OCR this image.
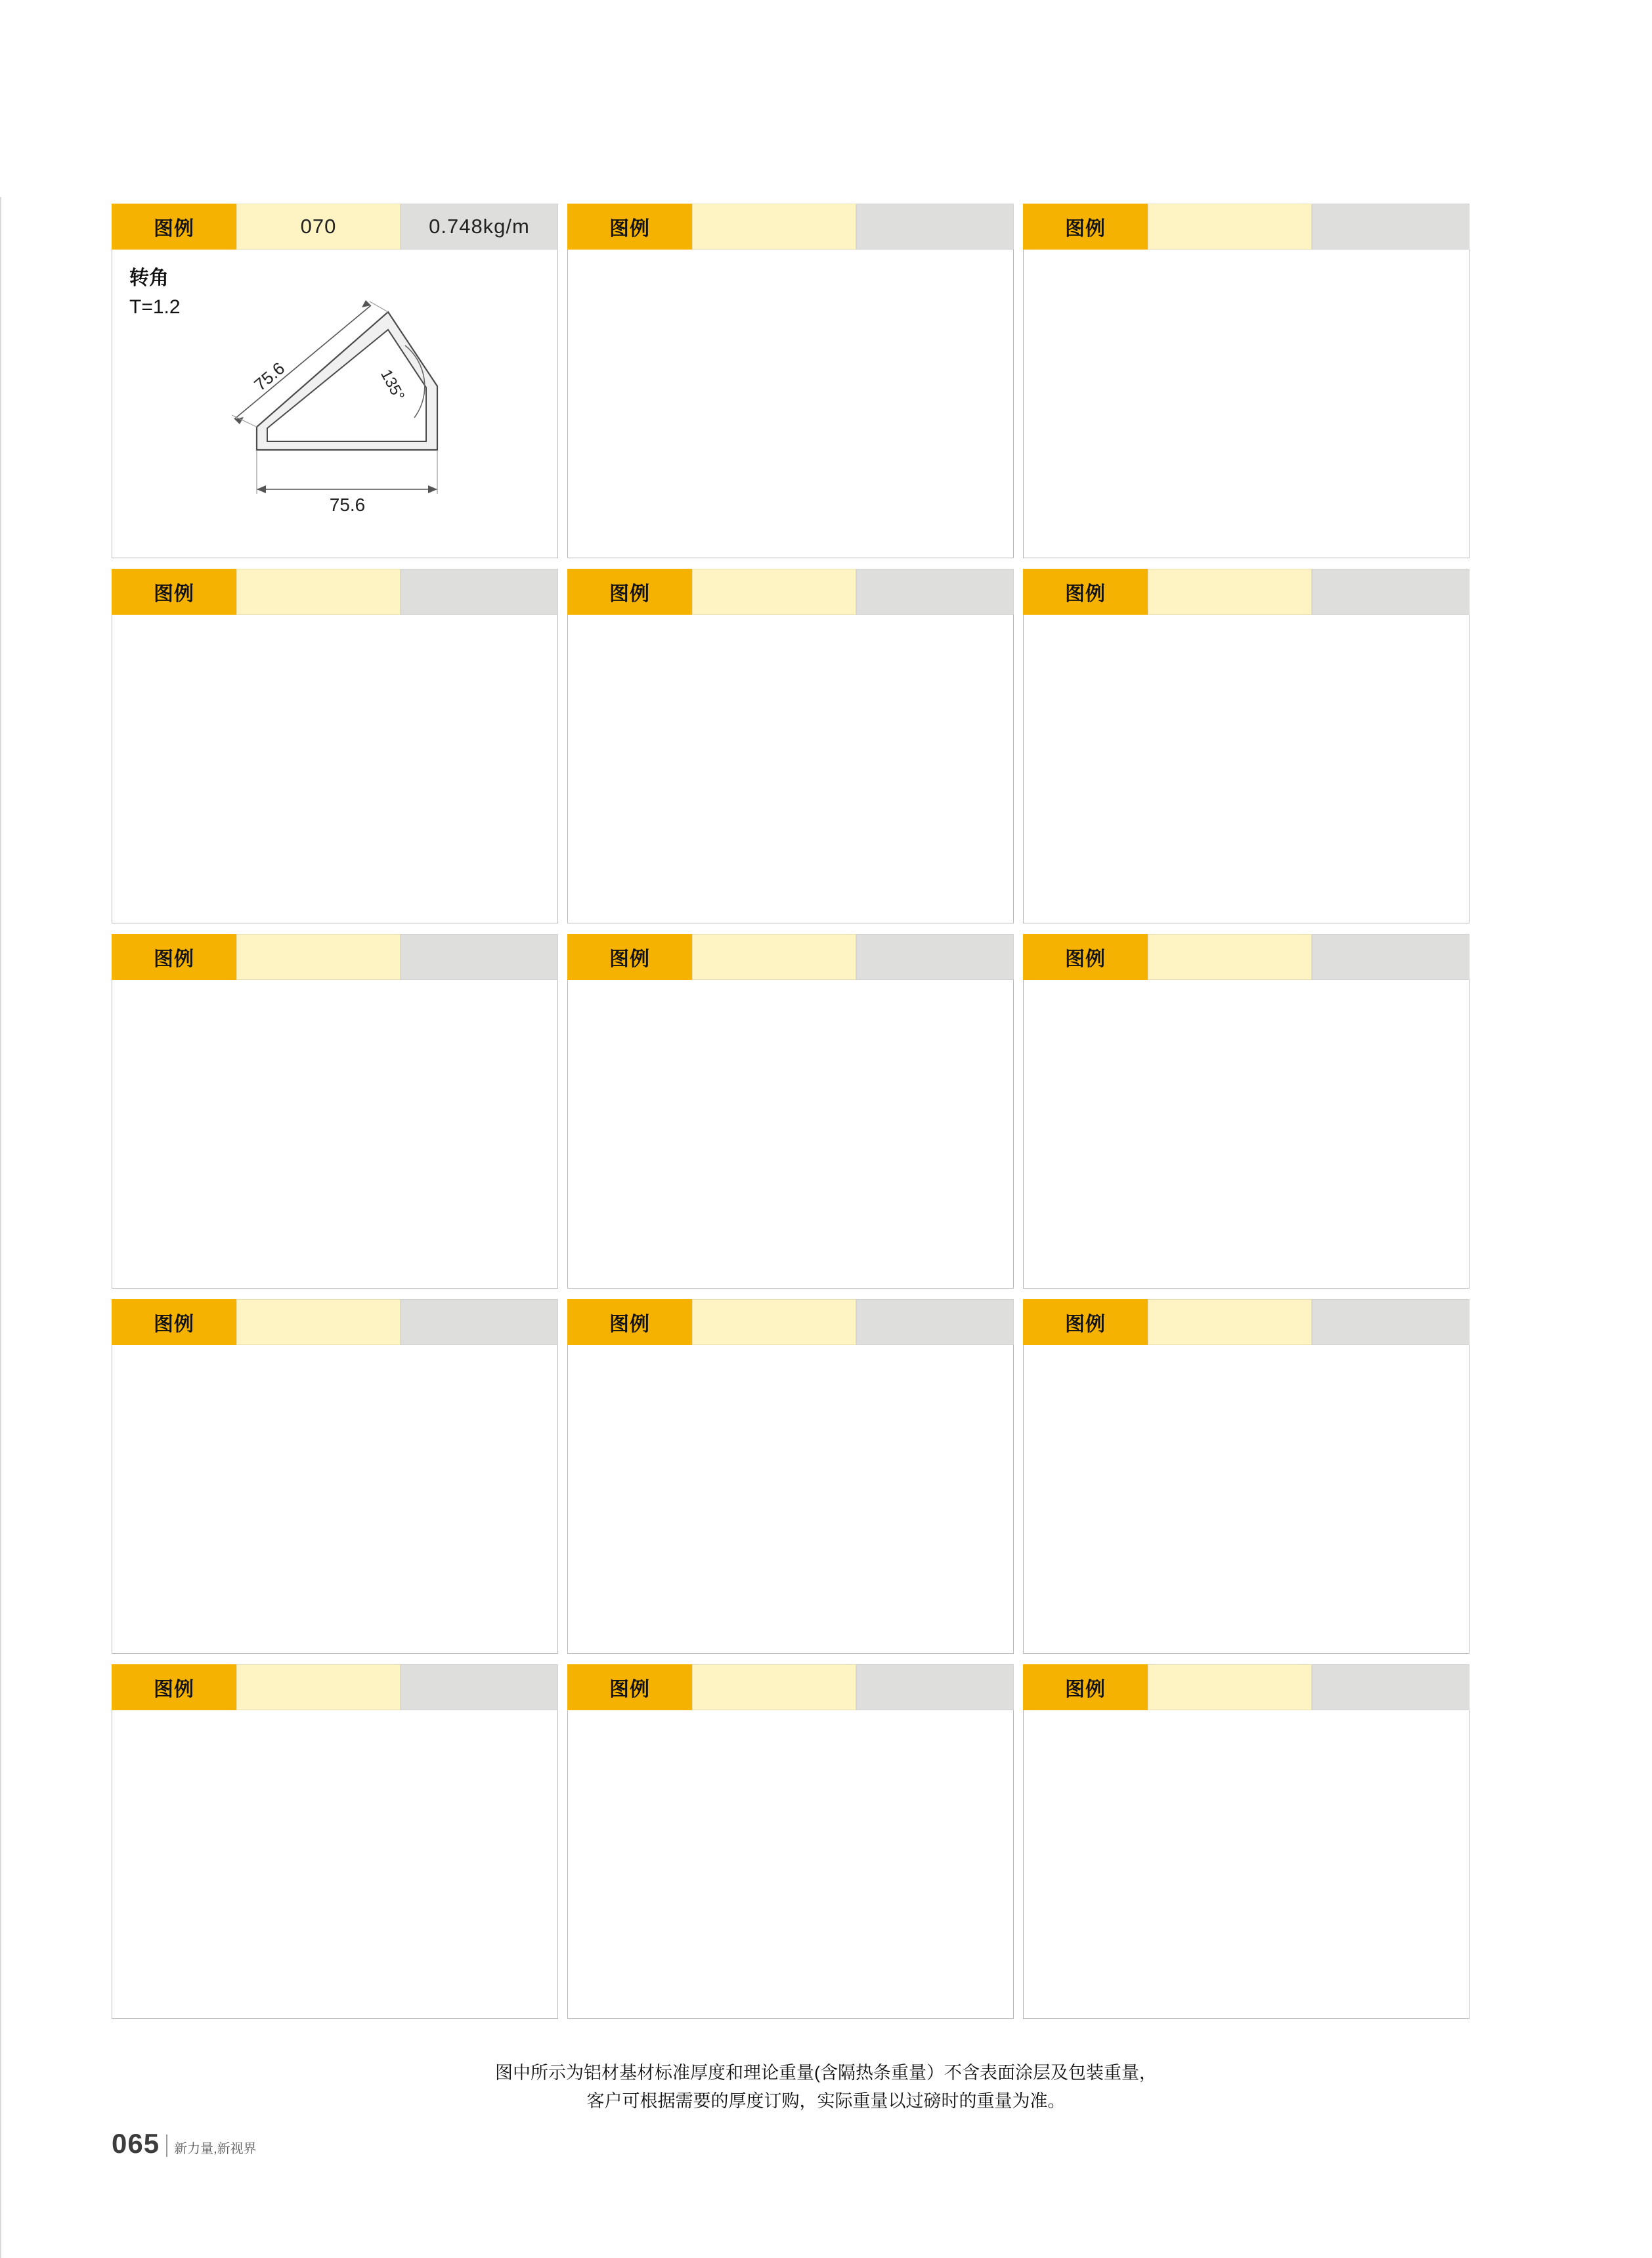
图例	070	0.748kg/m	图例	图例
转角
T=1.2
75.6
75.6
135°
图例	图例	图例
图例	图例	图例
图例	图例	图例
图例	图例	图例
图中所示为铝材基材标准厚度和理论重量(含隔热条重量）不含表面涂层及包装重量，
客户可根据需要的厚度订购，实际重量以过磅时的重量为准。
065 新力量,新视界
